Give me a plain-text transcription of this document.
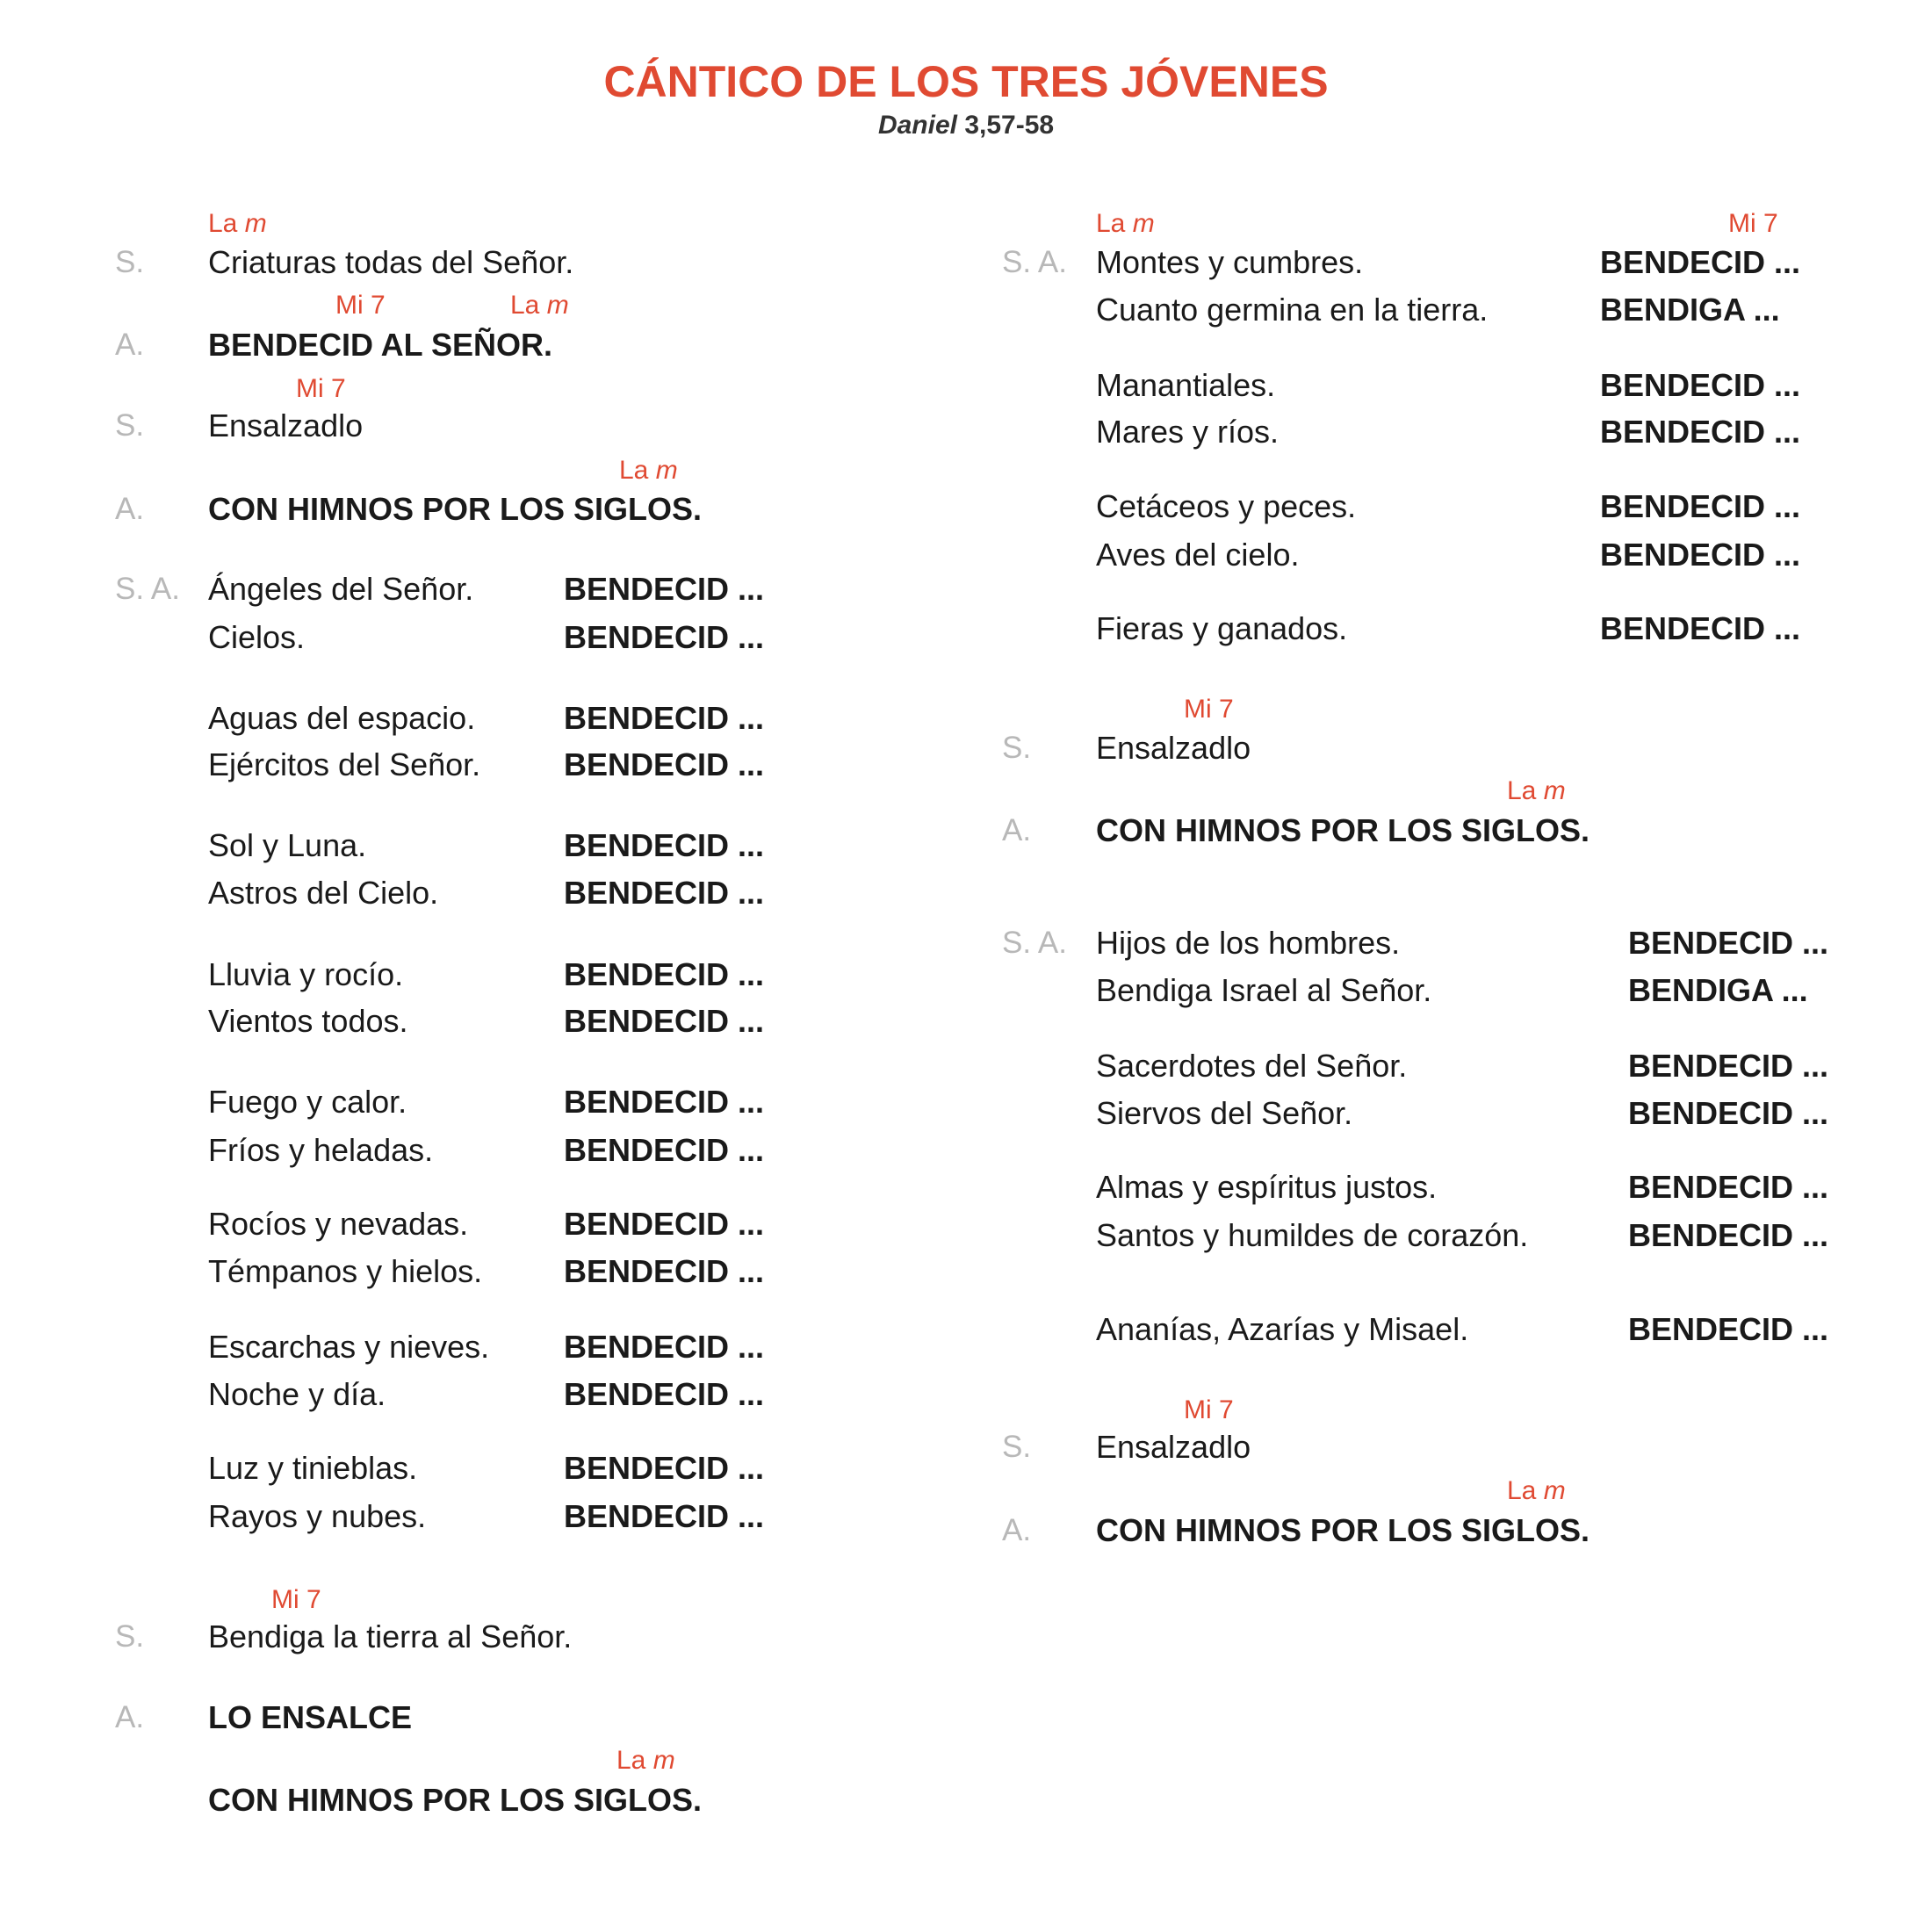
CÁNTICO DE LOS TRES JÓVENES
Daniel 3,57-58
S. Criaturas todas del Señor.
A. BENDECID AL SEÑOR.
S. Ensalzadlo
A. CON HIMNOS POR LOS SIGLOS.
S. A. Ángeles del Señor.	BENDECID ...
Cielos.	BENDECID ...
Aguas del espacio.	BENDECID ...
Ejércitos del Señor.	BENDECID ...
Sol y Luna.	BENDECID ...
Astros del Cielo.	BENDECID ...
Lluvia y rocío.	BENDECID ...
Vientos todos.	BENDECID ...
Fuego y calor.	BENDECID ...
Fríos y heladas.	BENDECID ...
Rocíos y nevadas.	BENDECID ...
Témpanos y hielos.	BENDECID ...
Escarchas y nieves. BENDECID ...
Noche y día.	BENDECID ...
Luz y tinieblas.	BENDECID ...
Rayos y nubes.	BENDECID ...
S. Bendiga la tierra al Señor.
A. LO ENSALCE
CON HIMNOS POR LOS SIGLOS.
La m
Mi 7	La m
Mi 7
La m
Mi 7
La m
S. A. Montes y cumbres.	BENDECID ...
Cuanto germina en la tierra.	BENDIGA ...
Manantiales.	BENDECID ...
Mares y ríos.	BENDECID ...
Cetáceos y peces.	BENDECID ...
Aves del cielo.	BENDECID ...
Fieras y ganados.	BENDECID ...
S. Ensalzadlo
A. CON HIMNOS POR LOS SIGLOS.
S. A. Hijos de los hombres.	BENDECID ...
Bendiga Israel al Señor.	BENDIGA ...
Sacerdotes del Señor.	BENDECID ...
Siervos del Señor.	BENDECID ...
Almas y espíritus justos.	BENDECID ...
Santos y humildes de corazón.	BENDECID ...
Ananías, Azarías y Misael.	BENDECID ...
S. Ensalzadlo
A. CON HIMNOS POR LOS SIGLOS.
La m	Mi 7
Mi 7
La m
Mi 7
La m
